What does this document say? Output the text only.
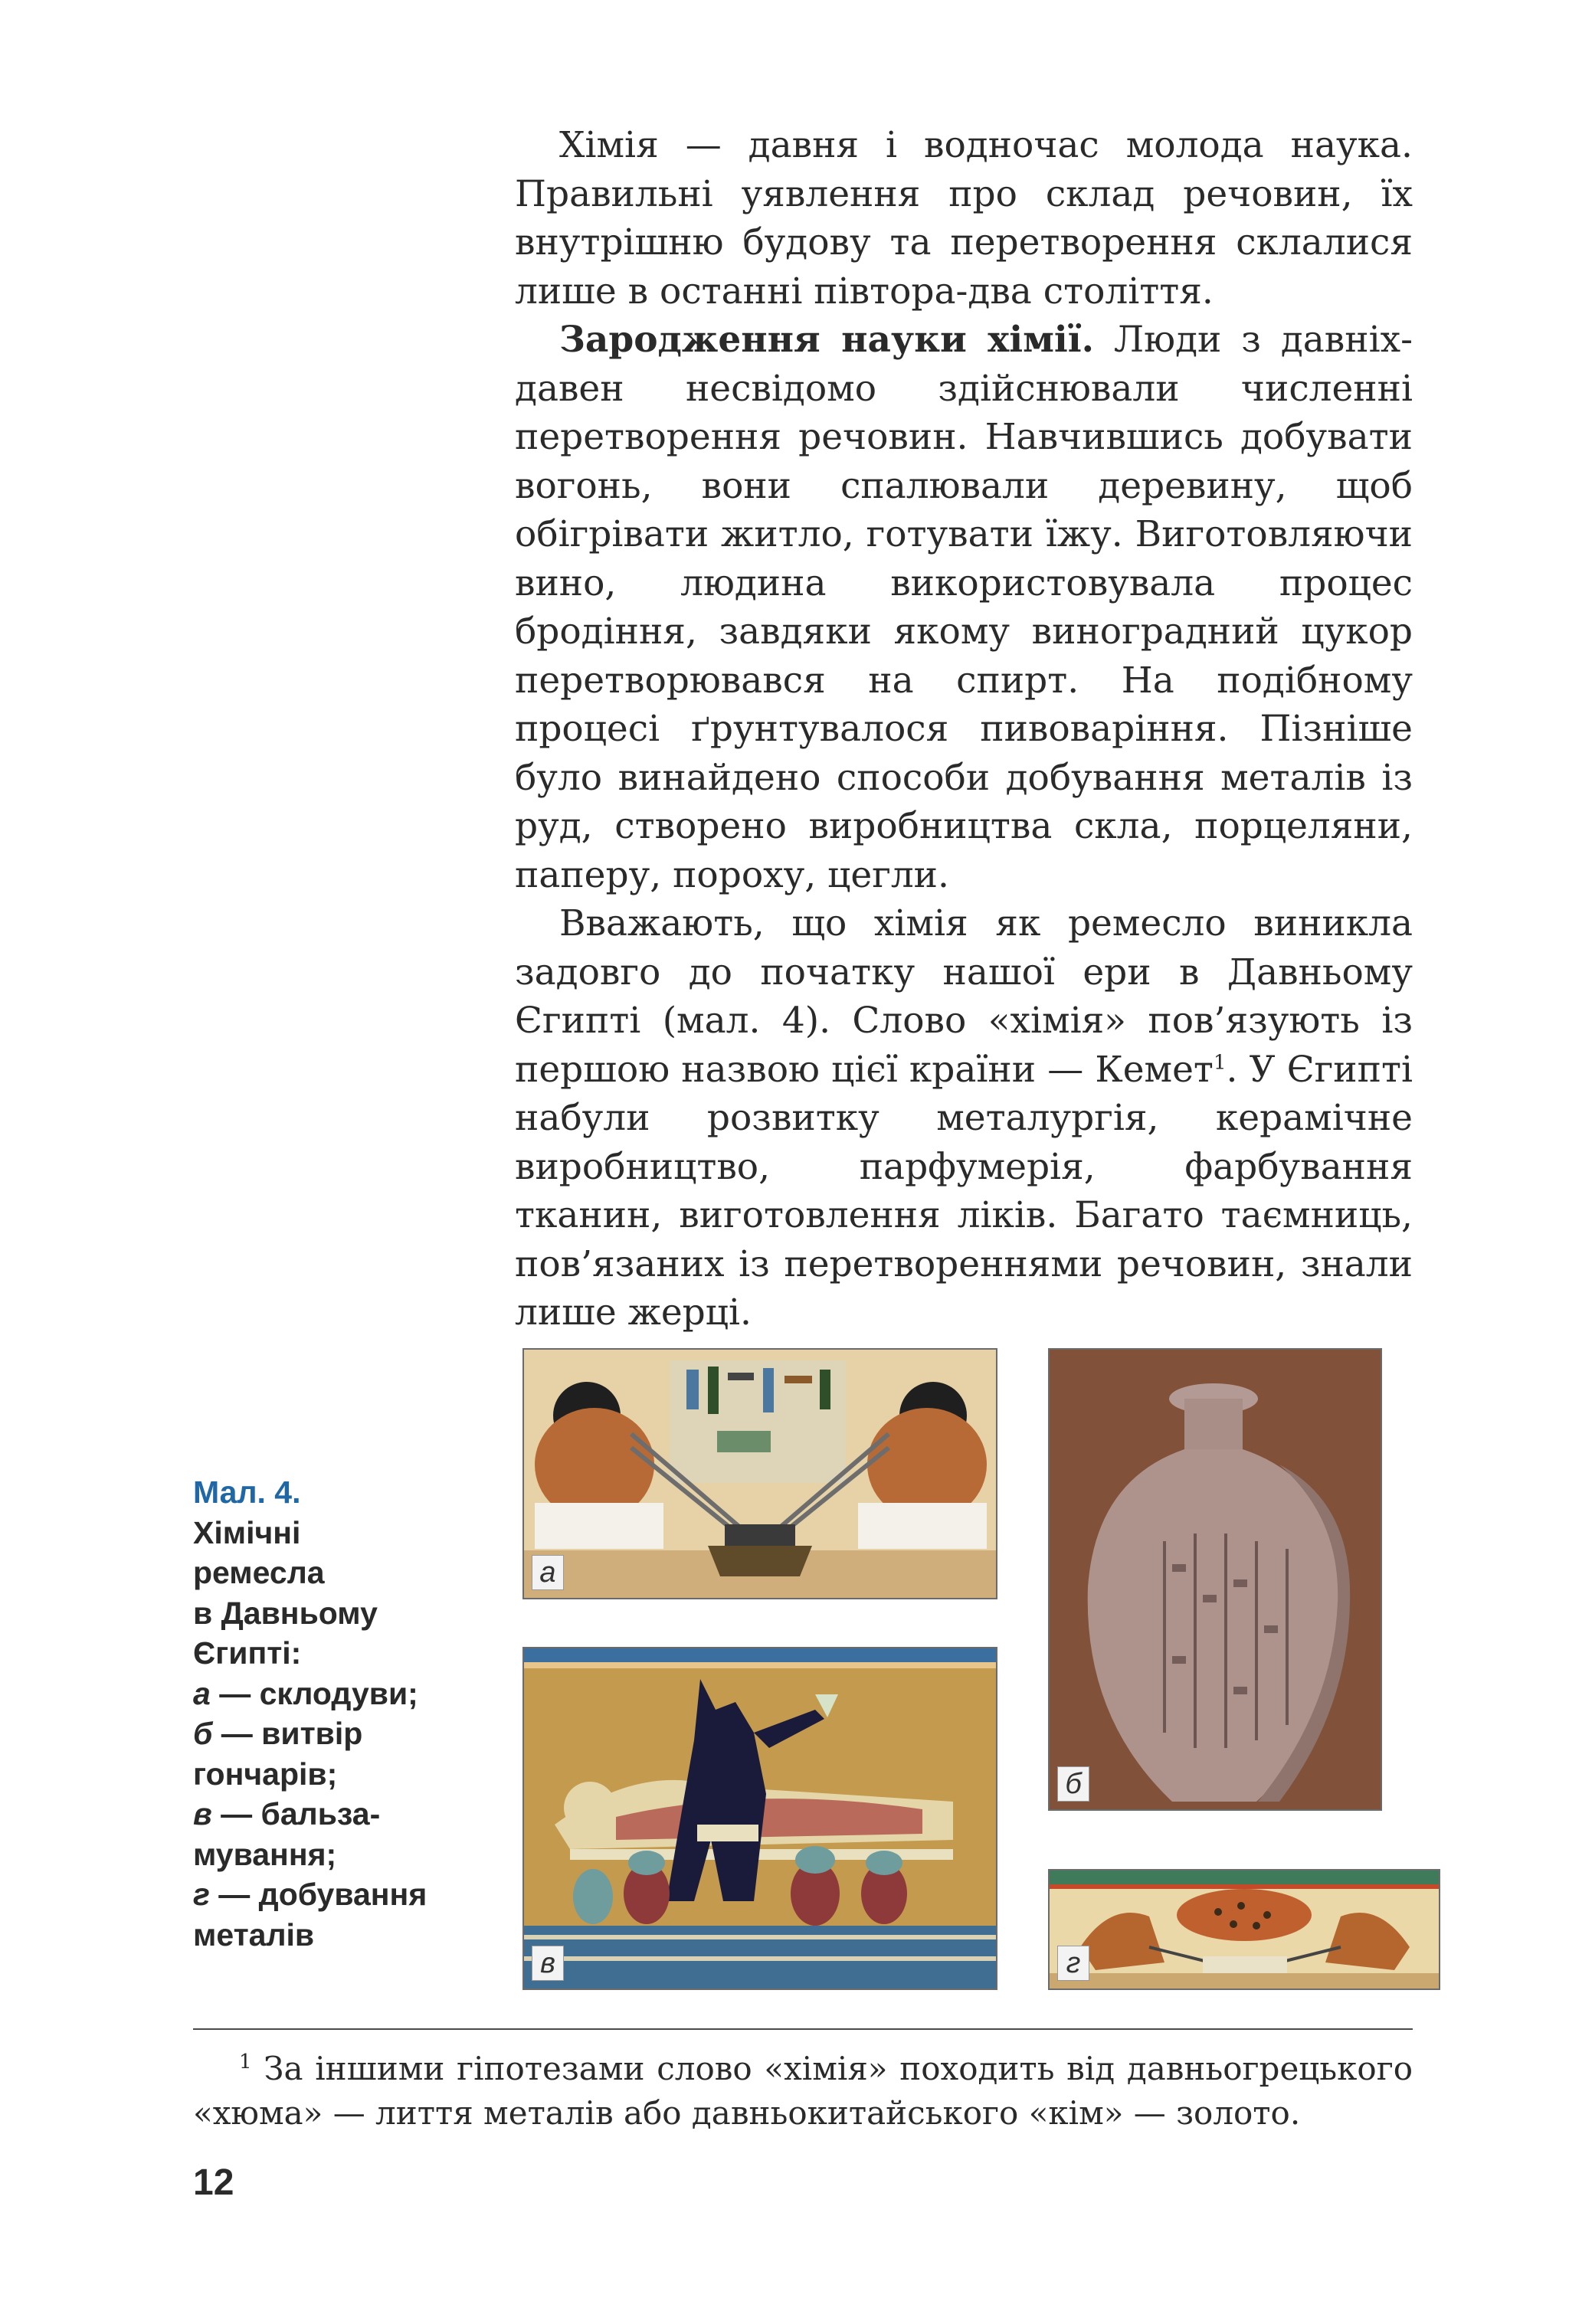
Хімія — давня і водночас молода наука. Правильні уявлення про склад речовин, їх внутрішню будову та перетворення склалися лише в останні півтора-два століття.

Зародження науки хімії. Люди з давніх-давен несвідомо здійснювали численні перетворення речовин. Навчившись добувати вогонь, вони спалювали деревину, щоб обігрівати житло, готувати їжу. Виготовляючи вино, людина використовувала процес бродіння, завдяки якому виноградний цукор перетворювався на спирт. На подібному процесі ґрунтувалося пивоваріння. Пізніше було винайдено способи добування металів із руд, створено виробництва скла, порцеляни, паперу, пороху, цегли.

Вважають, що хімія як ремесло виникла задовго до початку нашої ери в Давньому Єгипті (мал. 4). Слово «хімія» пов’язують із першою назвою цієї країни — Кемет$^1$. У Єгипті набули розвитку металургія, керамічне виробництво, парфумерія, фарбування тканин, виготовлення ліків. Багато таємниць, пов’язаних із перетвореннями речовин, знали лише жерці.

Мал. 4.
Хімічні
ремесла
в Давньому
Єгипті:
а — склодуви;
б — витвір
гончарів;
в — бальза-
мування;
г — добування
металів
а
в
б
г
$^1$ За іншими гіпотезами слово «хімія» походить від давньогрецького «хюма» — лиття металів або давньокитайського «кім» — золото.
12
